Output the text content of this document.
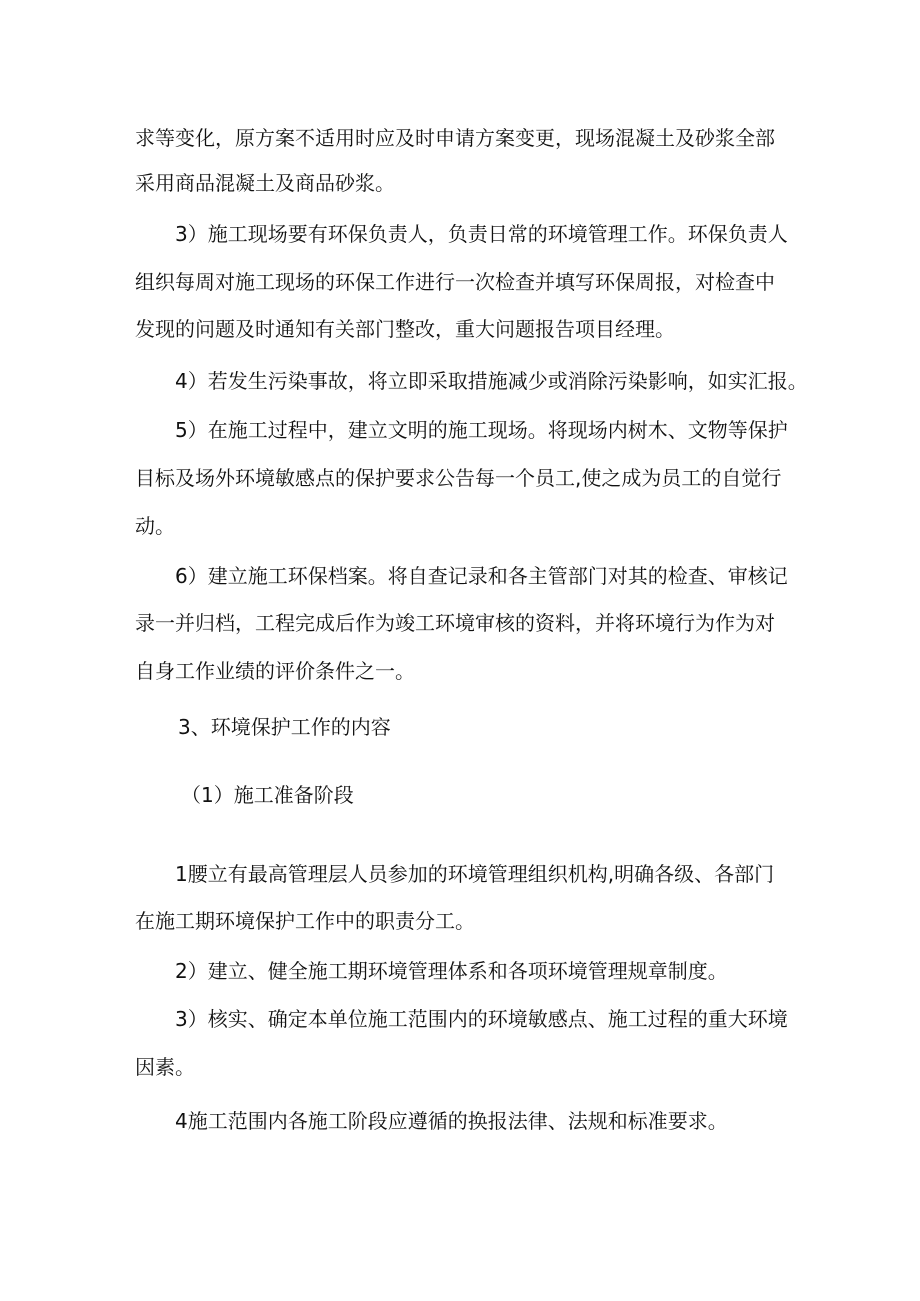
求等变化，原方案不适用时应及时申请方案变更，现场混凝土及砂浆全部

采用商品混凝土及商品砂浆。

3）施工现场要有环保负责人，负责日常的环境管理工作。环保负责人

组织每周对施工现场的环保工作进行一次检查并填写环保周报，对检查中

发现的问题及时通知有关部门整改，重大问题报告项目经理。

4）若发生污染事故，将立即采取措施减少或消除污染影响，如实汇报。

5）在施工过程中，建立文明的施工现场。将现场内树木、文物等保护

目标及场外环境敏感点的保护要求公告每一个员工,使之成为员工的自觉行

动。

6）建立施工环保档案。将自查记录和各主管部门对其的检查、审核记

录一并归档，工程完成后作为竣工环境审核的资料，并将环境行为作为对

自身工作业绩的评价条件之一。

3、环境保护工作的内容
（1）施工准备阶段

1腰立有最高管理层人员参加的环境管理组织机构,明确各级、各部门

在施工期环境保护工作中的职责分工。

2）建立、健全施工期环境管理体系和各项环境管理规章制度。

3）核实、确定本单位施工范围内的环境敏感点、施工过程的重大环境

因素。

4施工范围内各施工阶段应遵循的换报法律、法规和标准要求。
